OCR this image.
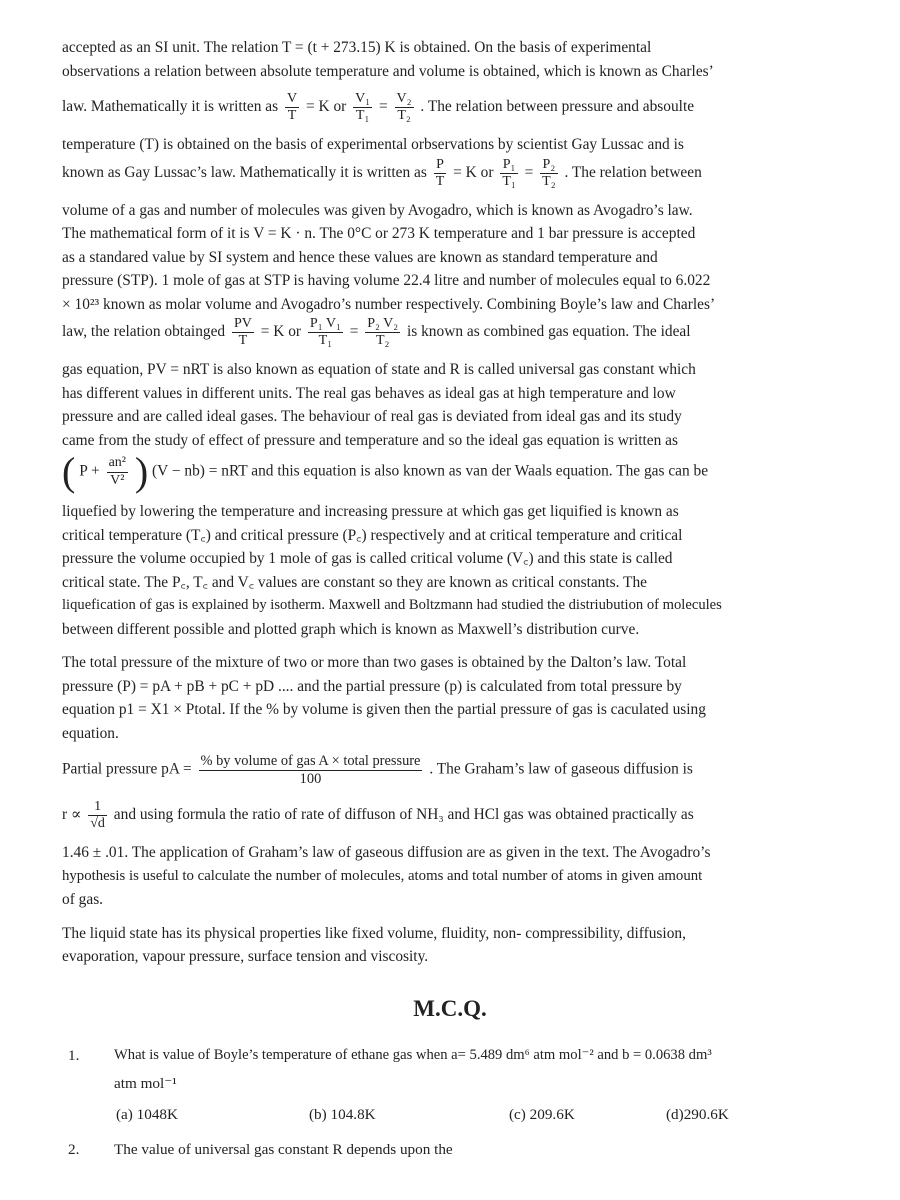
accepted as an SI unit. The relation T = (t + 273.15) K is obtained. On the basis of experimental

observations a relation between absolute temperature and volume is obtained, which is known as Charles’

law. Mathematically it is written as $\frac{V}{T} = K$ or $\frac{\text{V₁}}{\text{T₁}} = \frac{\text{V₂}}{\text{T₂}}$ . The relation between pressure and absoulte

temperature (T) is obtained on the basis of experimental orbservations by scientist Gay Lussac and is

known as Gay Lussac’s law. Mathematically it is written as $\frac{P}{T} = K$ or $\frac{\text{P₁}}{\text{T₁}} = \frac{\text{P₂}}{\text{T₂}}$ . The relation between

volume of a gas and number of molecules was given by Avogadro, which is known as Avogadro’s law.

The mathematical form of it is V = K · n. The 0°C or 273 K temperature and 1 bar pressure is accepted

as a standared value by SI system and hence these values are known as standard temperature and

pressure (STP). 1 mole of gas at STP is having volume 22.4 litre and number of molecules equal to 6.022

× 10²³ known as molar volume and Avogadro’s number respectively. Combining Boyle’s law and Charles’

law, the relation obtainged $\frac{PV}{T} = K$ or $\frac{\text{P₁ V₁}}{\text{T₁}} = \frac{\text{P₂ V₂}}{\text{T₂}}$ is known as combined gas equation. The ideal

gas equation, PV = nRT is also known as equation of state and R is called universal gas constant which

has different values in different units. The real gas behaves as ideal gas at high temperature and low

pressure and are called ideal gases. The behaviour of real gas is deviated from ideal gas and its study

came from the study of effect of pressure and temperature and so the ideal gas equation is written as

( $P + \frac{\text{an²}}{\text{V²}}$ ) (V − nb) = nRT and this equation is also known as van der Waals equation. The gas can be

liquefied by lowering the temperature and increasing pressure at which gas get liquified is known as

critical temperature (T꜀) and critical pressure (P꜀) respectively and at critical temperature and critical

pressure the volume occupied by 1 mole of gas is called critical volume (V꜀) and this state is called

critical state. The P꜀, T꜀ and V꜀ values are constant so they are known as critical constants. The

liquefication of gas is explained by isotherm. Maxwell and Boltzmann had studied the distriubution of molecules

between different possible and plotted graph which is known as Maxwell’s distribution curve.

The total pressure of the mixture of two or more than two gases is obtained by the Dalton’s law. Total

pressure (P) = pA + pB + pC + pD .... and the partial pressure (p) is calculated from total pressure by

equation p1 = X1 × Ptotal. If the % by volume is given then the partial pressure of gas is caculated using

equation.

Partial pressure pA = $\frac{\text{\% by volume of gas A × total pressure}}{100}$ . The Graham’s law of gaseous diffusion is
$r \propto \frac{1}{√d}$ and using formula the ratio of rate of diffuson of NH₃ and HCl gas was obtained practically as

1.46 ± .01. The application of Graham’s law of gaseous diffusion are as given in the text. The Avogadro’s

hypothesis is useful to calculate the number of molecules, atoms and total number of atoms in given amount

of gas.

The liquid state has its physical properties like fixed volume, fluidity, non- compressibility, diffusion,

evaporation, vapour pressure, surface tension and viscosity.

M.C.Q.
1. What is value of Boyle’s temperature of ethane gas when a= 5.489 dm⁶ atm mol⁻² and b = 0.0638 dm³
atm mol⁻¹
(a) 1048K	(b) 104.8K	(c) 209.6K	(d)290.6K
2. The value of universal gas constant R depends upon the
